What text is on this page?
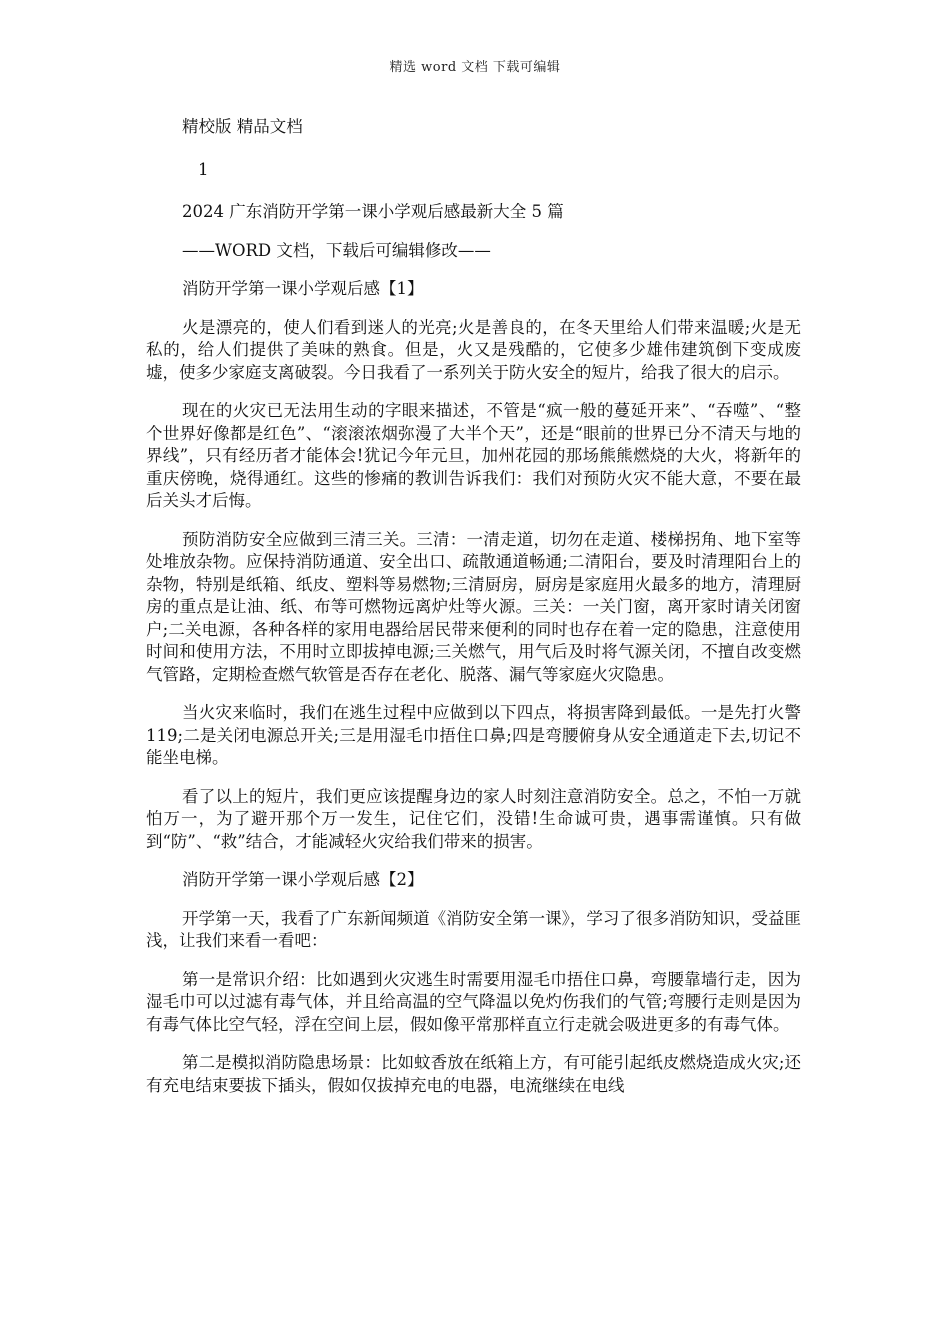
精选 word 文档 下载可编辑

精校版 精品文档

1

2024 广东消防开学第一课小学观后感最新大全 5 篇

——WORD 文档，下载后可编辑修改——

消防开学第一课小学观后感【1】

火是漂亮的，使人们看到迷人的光亮;火是善良的，在冬天里给人们带来温暖;火是无私的，给人们提供了美味的熟食。但是，火又是残酷的，它使多少雄伟建筑倒下变成废墟，使多少家庭支离破裂。今日我看了一系列关于防火安全的短片，给我了很大的启示。

现在的火灾已无法用生动的字眼来描述，不管是“疯一般的蔓延开来”、“吞噬”、“整个世界好像都是红色”、“滚滚浓烟弥漫了大半个天”，还是“眼前的世界已分不清天与地的界线”，只有经历者才能体会!犹记今年元旦，加州花园的那场熊熊燃烧的大火，将新年的重庆傍晚，烧得通红。这些的惨痛的教训告诉我们：我们对预防火灾不能大意，不要在最后关头才后悔。

预防消防安全应做到三清三关。三清：一清走道，切勿在走道、楼梯拐角、地下室等处堆放杂物。应保持消防通道、安全出口、疏散通道畅通;二清阳台，要及时清理阳台上的杂物，特别是纸箱、纸皮、塑料等易燃物;三清厨房，厨房是家庭用火最多的地方，清理厨房的重点是让油、纸、布等可燃物远离炉灶等火源。三关：一关门窗，离开家时请关闭窗户;二关电源，各种各样的家用电器给居民带来便利的同时也存在着一定的隐患，注意使用时间和使用方法，不用时立即拔掉电源;三关燃气，用气后及时将气源关闭，不擅自改变燃气管路，定期检查燃气软管是否存在老化、脱落、漏气等家庭火灾隐患。

当火灾来临时，我们在逃生过程中应做到以下四点，将损害降到最低。一是先打火警 119;二是关闭电源总开关;三是用湿毛巾捂住口鼻;四是弯腰俯身从安全通道走下去,切记不能坐电梯。

看了以上的短片，我们更应该提醒身边的家人时刻注意消防安全。总之，不怕一万就怕万一，为了避开那个万一发生，记住它们，没错!生命诚可贵，遇事需谨慎。只有做到“防”、“救”结合，才能减轻火灾给我们带来的损害。

消防开学第一课小学观后感【2】

开学第一天，我看了广东新闻频道《消防安全第一课》，学习了很多消防知识，受益匪浅，让我们来看一看吧：

第一是常识介绍：比如遇到火灾逃生时需要用湿毛巾捂住口鼻，弯腰靠墙行走，因为湿毛巾可以过滤有毒气体，并且给高温的空气降温以免灼伤我们的气管;弯腰行走则是因为有毒气体比空气轻，浮在空间上层，假如像平常那样直立行走就会吸进更多的有毒气体。

第二是模拟消防隐患场景：比如蚊香放在纸箱上方，有可能引起纸皮燃烧造成火灾;还有充电结束要拔下插头，假如仅拔掉充电的电器，电流继续在电线
